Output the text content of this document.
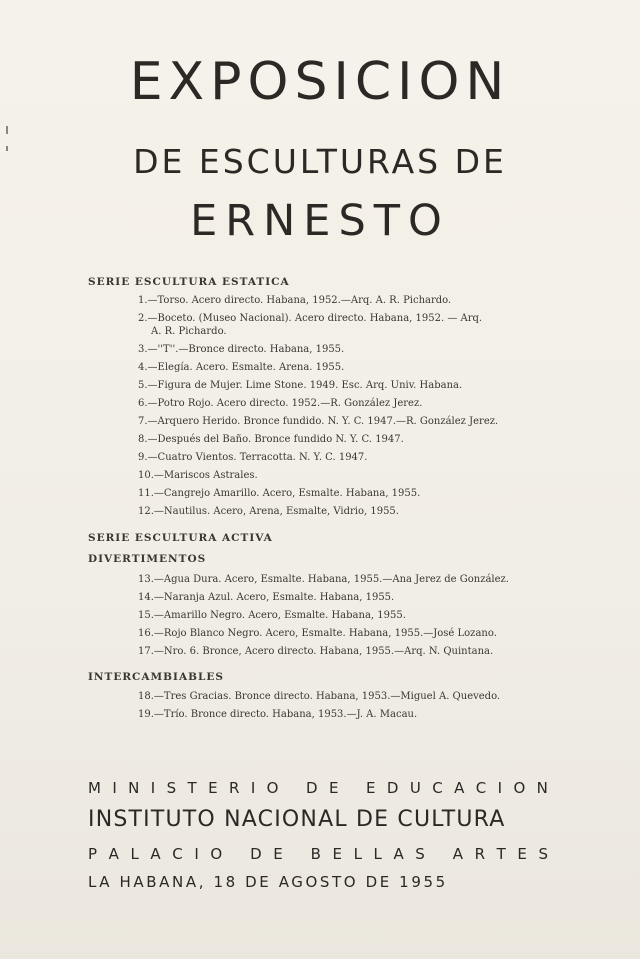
EXPOSICION
DE ESCULTURAS DE
ERNESTO
SERIE ESCULTURA ESTATICA

1.—Torso. Acero directo. Habana, 1952.—Arq. A. R. Pichardo.

2.—Boceto. (Museo Nacional). Acero directo. Habana, 1952. — Arq.

A. R. Pichardo.

3.—''T''.—Bronce directo. Habana, 1955.

4.—Elegía. Acero. Esmalte. Arena. 1955.

5.—Figura de Mujer. Lime Stone. 1949. Esc. Arq. Univ. Habana.

6.—Potro Rojo. Acero directo. 1952.—R. González Jerez.

7.—Arquero Herido. Bronce fundido. N. Y. C. 1947.—R. González Jerez.

8.—Después del Baño. Bronce fundido N. Y. C. 1947.

9.—Cuatro Vientos. Terracotta. N. Y. C. 1947.

10.—Mariscos Astrales.

11.—Cangrejo Amarillo. Acero, Esmalte. Habana, 1955.

12.—Nautilus. Acero, Arena, Esmalte, Vidrio, 1955.

SERIE ESCULTURA ACTIVA
DIVERTIMENTOS

13.—Agua Dura. Acero, Esmalte. Habana, 1955.—Ana Jerez de González.

14.—Naranja Azul. Acero, Esmalte. Habana, 1955.

15.—Amarillo Negro. Acero, Esmalte. Habana, 1955.

16.—Rojo Blanco Negro. Acero, Esmalte. Habana, 1955.—José Lozano.

17.—Nro. 6. Bronce, Acero directo. Habana, 1955.—Arq. N. Quintana.

INTERCAMBIABLES

18.—Tres Gracias. Bronce directo. Habana, 1953.—Miguel A. Quevedo.

19.—Trío. Bronce directo. Habana, 1953.—J. A. Macau.

M I N I S T E R I O
D E
E D U C A C I O N
INSTITUTO NACIONAL DE CULTURA
P A L A C I O
D E
B E L L A S
A R T E S
LA HABANA, 18 DE AGOSTO DE 1955
